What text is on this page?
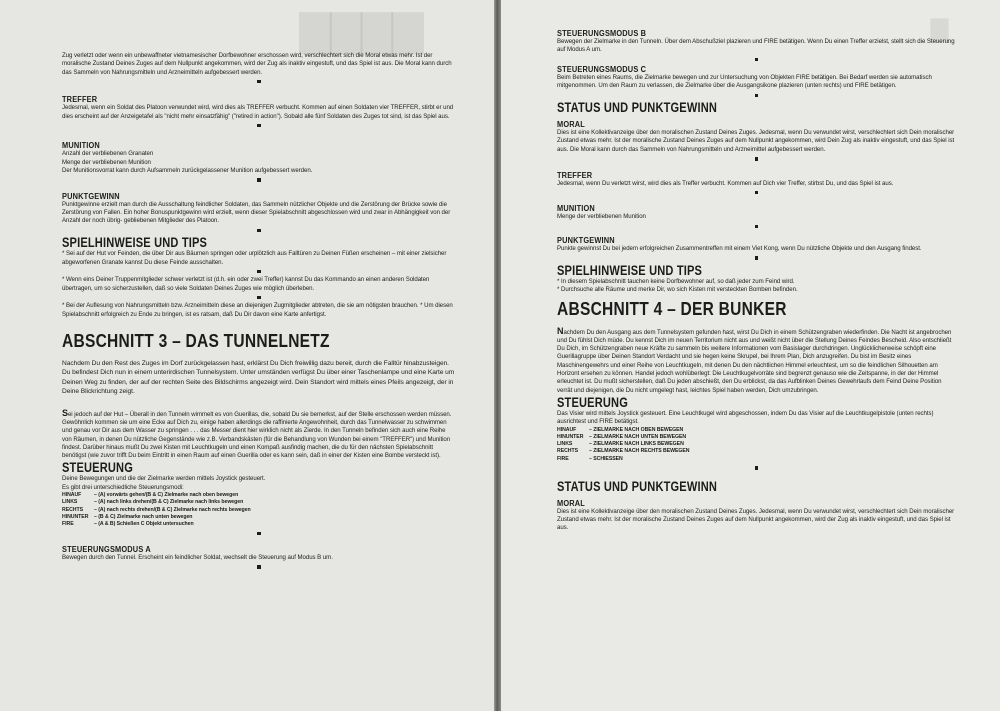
▇▇▇▇

Zug verletzt oder wenn ein unbewaffneter vietnamesischer Dorfbewohner erschossen wird, verschlechtert sich die Moral etwas mehr. Ist der moralische Zustand Deines Zuges auf dem Nullpunkt angekommen, wird der Zug als inaktiv eingestuft, und das Spiel ist aus. Die Moral kann durch das Sammeln von Nahrungsmitteln und Arzneimitteln aufgebessert werden.

TREFFER

Jedesmal, wenn ein Soldat des Platoon verwundet wird, wird dies als TREFFER verbucht. Kommen auf einen Soldaten vier TREFFER, stirbt er und dies erscheint auf der Anzeigetafel als "nicht mehr einsatzfähig" ("retired in action"). Sobald alle fünf Soldaten des Zuges tot sind, ist das Spiel aus.

MUNITION

Anzahl der verbliebenen Granaten

Menge der verbliebenen Munition

Der Munitionsvorrat kann durch Aufsammeln zurückgelassener Munition aufgebessert werden.

PUNKTGEWINN

Punktgewinne erzielt man durch die Ausschaltung feindlicher Soldaten, das Sammeln nützlicher Objekte und die Zerstörung der Brücke sowie die Zerstörung von Fallen. Ein hoher Bonuspunktgewinn wird erzielt, wenn dieser Spielabschnitt abgeschlossen wird und zwar in Abhängigkeit von der Anzahl der noch übrig- gebliebenen Mitglieder des Platoon.

SPIELHINWEISE UND TIPS

* Sei auf der Hut vor Feinden, die über Dir aus Bäumen springen oder urplötzlich aus Falltüren zu Deinen Füßen erscheinen – mit einer zielsicher abgeworfenen Granate kannst Du diese Feinde ausschalten.

* Wenn eins Deiner Truppenmitglieder schwer verletzt ist (d.h. ein oder zwei Treffer) kannst Du das Kommando an einen anderen Soldaten übertragen, um so sicherzustellen, daß so viele Soldaten Deines Zuges wie möglich überleben.

* Bei der Auflesung von Nahrungsmitteln bzw. Arzneimitteln diese an diejenigen Zugmitglieder abtreten, die sie am nötigsten brauchen. * Um diesen Spielabschnitt erfolgreich zu Ende zu bringen, ist es ratsam, daß Du Dir davon eine Karte anfertigst.

ABSCHNITT 3 – DAS TUNNELNETZ

Nachdem Du den Rest des Zuges im Dorf zurückgelassen hast, erklärst Du Dich freiwillig dazu bereit, durch die Falltür hinabzusteigen. Du befindest Dich nun in einem unterirdischen Tunnelsystem. Unter umständen verfügst Du über einer Taschenlampe und eine Karte um Deinen Weg zu finden, der auf der rechten Seite des Bildschirms angezeigt wird. Dein Standort wird mittels eines Pfeils angezeigt, der in Deine Blickrichtung zeigt.

Sei jedoch auf der Hut – Überall in den Tunneln wimmelt es von Guerillas, die, sobald Du sie bemerkst, auf der Stelle erschossen werden müssen. Gewöhnlich kommen sie um eine Ecke auf Dich zu, einige haben allerdings die raffinierte Angewohnheit, durch das Tunnelwasser zu schwimmen und genau vor Dir aus dem Wasser zu springen . . . das Messer dient hier wirklich nicht als Zierde. In den Tunneln befinden sich auch eine Reihe von Räumen, in denen Du nützliche Gegenstände wie z.B. Verbandskästen (für die Behandlung von Wunden bei einem "TREFFER") und Munition findest. Darüber hinaus mußt Du zwei Kisten mit Leuchtkugeln und einen Kompaß ausfindig machen, die du für den nächsten Spielabschnitt benötigst (wie zuvor trifft Du beim Eintritt in einen Raum auf einen Guerilla oder es kann sein, daß in einer der Kisten eine Bombe versteckt ist).

STEUERUNG

Deine Bewegungen und die der Zielmarke werden mittels Joystick gesteuert.

Es gibt drei unterschiedliche Steuerungsmodi:

HINAUF	– (A) vorwärts gehen/(B & C) Zielmarke nach oben bewegen
LINKS	– (A) nach links drehen/(B & C) Zielmarke nach links bewegen
RECHTS	– (A) nach rechts drehen/(B & C) Zielmarke nach rechts bewegen
HINUNTER	– (B & C) Zielmarke nach unten bewegen
FIRE	– (A & B) Schießen C Objekt untersuchen
STEUERUNGSMODUS A

Bewegen durch den Tunnel. Erscheint ein feindlicher Soldat, wechselt die Steuerung auf Modus B um.

▇
STEUERUNGSMODUS B

Bewegen der Zielmarke in den Tunneln. Über dem Abschußziel plazieren und FIRE betätigen. Wenn Du einen Treffer erzielst, stellt sich die Steuerung auf Modus A um.

STEUERUNGSMODUS C

Beim Betreten eines Raums, die Zielmarke bewegen und zur Untersuchung von Objekten FIRE betätigen. Bei Bedarf werden sie automatisch mitgenommen. Um den Raum zu verlassen, die Zielmarke über die Ausgangsikone plazieren (unten rechts) und FIRE betätigen.

STATUS UND PUNKTGEWINN
MORAL

Dies ist eine Kollektivanzeige über den moralischen Zustand Deines Zuges. Jedesmal, wenn Du verwundet wirst, verschlechtert sich Dein moralischer Zustand etwas mehr. Ist der moralische Zustand Deines Zuges auf dem Nullpunkt angekommen, wird Dein Zug als inaktiv eingestuft, und das Spiel ist aus. Die Moral kann durch das Sammeln von Nahrungsmitteln und Arzneimittel aufgebessert werden.

TREFFER

Jedesmal, wenn Du verletzt wirst, wird dies als Treffer verbucht. Kommen auf Dich vier Treffer, stirbst Du, und das Spiel ist aus.

MUNITION

Menge der verbliebenen Munition

PUNKTGEWINN

Punkte gewinnst Du bei jedem erfolgreichen Zusammentreffen mit einem Viet Kong, wenn Du nützliche Objekte und den Ausgang findest.

SPIELHINWEISE UND TIPS

* In diesem Spielabschnitt tauchen keine Dorfbewohner auf, so daß jeder zum Feind wird.

* Durchsuche alle Räume und merke Dir, wo sich Kisten mit versteckten Bomben befinden.

ABSCHNITT 4 – DER BUNKER

Nachdem Du den Ausgang aus dem Tunnelsystem gefunden hast, wirst Du Dich in einem Schützengraben wiederfinden. Die Nacht ist angebrochen und Du fühlst Dich müde. Du kennst Dich im neuen Territorium nicht aus und weißt nicht über die Stellung Deines Feindes Bescheid. Also entschließt Du Dich, im Schützengraben neue Kräfte zu sammeln bis weitere Informationen vom Basislager durchdringen. Unglücklicherweise schöpft eine Guerillagruppe über Deinen Standort Verdacht und sie hegen keine Skrupel, bei Ihrem Plan, Dich anzugreifen. Du bist im Besitz eines Maschinengewehrs und einer Reihe von Leuchtkugeln, mit denen Du den nächtlichen Himmel erleuchtest, um so die feindlichen Silhouetten am Horizont ersehen zu können. Handel jedoch wohlüberlegt: Die Leuchtkugelvorräte sind begrenzt genauso wie die Zeitspanne, in der der Himmel erleuchtet ist. Du mußt sicherstellen, daß Du jeden abschießt, den Du erblickst, da das Aufblinken Deines Gewehrlaufs dem Feind Deine Position verrät und diejenigen, die Du nicht umgelegt hast, leichtes Spiel haben werden, Dich umzubringen.

STEUERUNG

Das Visier wird mittels Joystick gesteuert. Eine Leuchtkugel wird abgeschossen, indem Du das Visier auf die Leuchtkugelpistole (unten rechts) ausrichtest und FIRE betätigst.

HINAUF	– ZIELMARKE NACH OBEN BEWEGEN
HINUNTER	– ZIELMARKE NACH UNTEN BEWEGEN
LINKS	– ZIELMARKE NACH LINKS BEWEGEN
RECHTS	– ZIELMARKE NACH RECHTS BEWEGEN
FIRE	– SCHIESSEN
STATUS UND PUNKTGEWINN
MORAL

Dies ist eine Kollektivanzeige über den moralischen Zustand Deines Zuges. Jedesmal, wenn Du verwundet wirst, verschlechtert sich Dein moralischer Zustand etwas mehr. Ist der moralische Zustand Deines Zuges auf dem Nullpunkt angekommen, wird der Zug als inaktiv eingestuft, und das Spiel ist aus.
